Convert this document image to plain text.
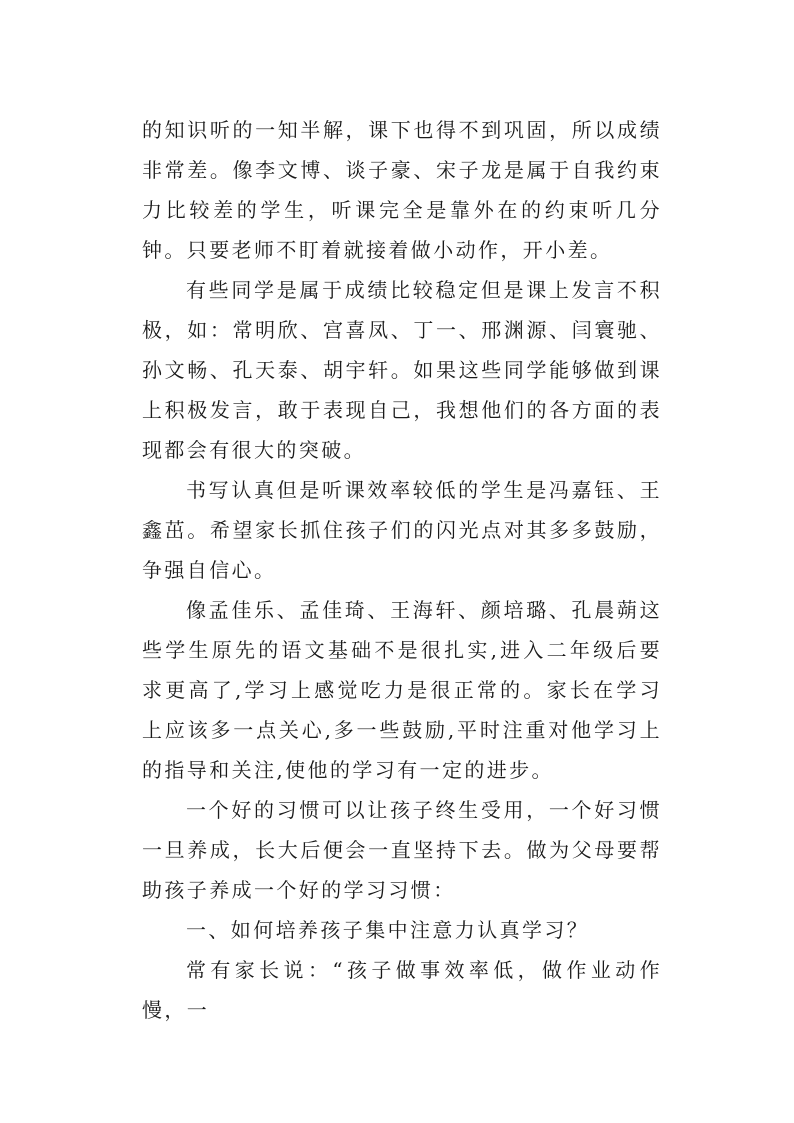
的知识听的一知半解，课下也得不到巩固，所以成绩非常差。像李文博、谈子豪、宋子龙是属于自我约束力比较差的学生，听课完全是靠外在的约束听几分钟。只要老师不盯着就接着做小动作，开小差。

有些同学是属于成绩比较稳定但是课上发言不积极，如：常明欣、宫喜凤、丁一、邢渊源、闫寰驰、孙文畅、孔天泰、胡宇轩。如果这些同学能够做到课上积极发言，敢于表现自己，我想他们的各方面的表现都会有很大的突破。

书写认真但是听课效率较低的学生是冯嘉钰、王鑫茁。希望家长抓住孩子们的闪光点对其多多鼓励，争强自信心。

像孟佳乐、孟佳琦、王海轩、颜培璐、孔晨蒴这些学生原先的语文基础不是很扎实,进入二年级后要求更高了,学习上感觉吃力是很正常的。家长在学习上应该多一点关心,多一些鼓励,平时注重对他学习上的指导和关注,使他的学习有一定的进步。

一个好的习惯可以让孩子终生受用，一个好习惯一旦养成，长大后便会一直坚持下去。做为父母要帮助孩子养成一个好的学习习惯：

一、如何培养孩子集中注意力认真学习？

常有家长说：“孩子做事效率低，做作业动作慢，一
